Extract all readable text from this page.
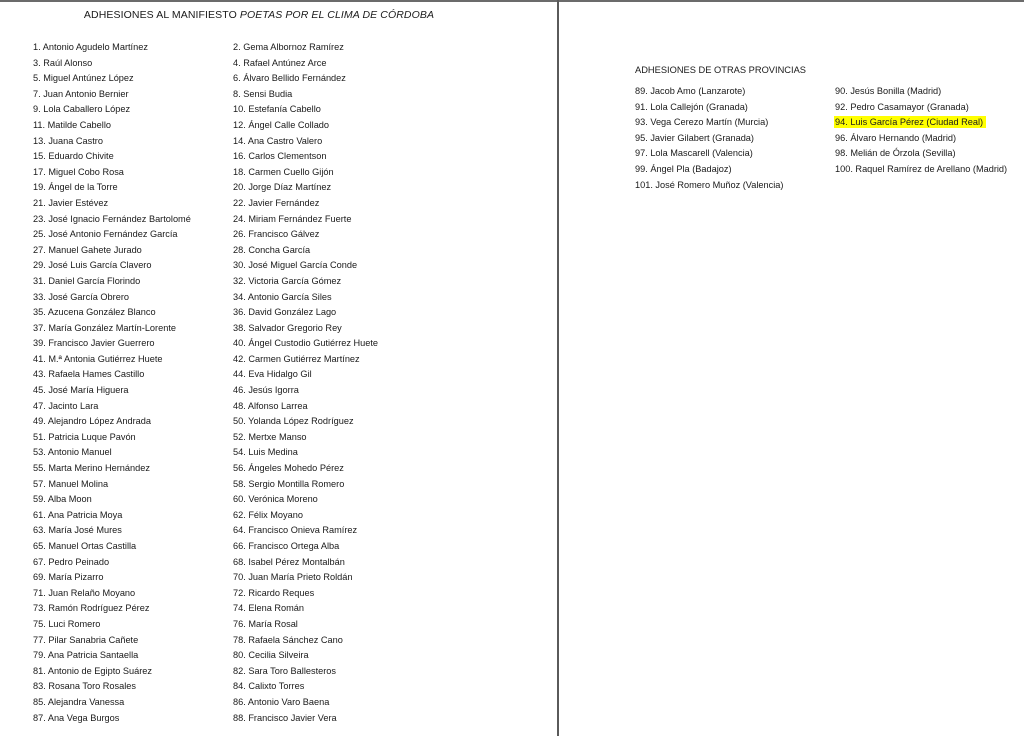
ADHESIONES AL MANIFIESTO POETAS POR EL CLIMA DE CÓRDOBA
1. Antonio Agudelo Martínez
3. Raúl Alonso
5. Miguel Antúnez López
7. Juan Antonio Bernier
9. Lola Caballero López
11. Matilde Cabello
13. Juana Castro
15. Eduardo Chivite
17. Miguel Cobo Rosa
19. Ángel de la Torre
21. Javier Estévez
23. José Ignacio Fernández Bartolomé
25. José Antonio Fernández García
27. Manuel Gahete Jurado
29. José Luis García Clavero
31. Daniel García Florindo
33. José García Obrero
35. Azucena González Blanco
37. María González Martín-Lorente
39. Francisco Javier Guerrero
41. M.ª Antonia Gutiérrez Huete
43. Rafaela Hames Castillo
45. José María Higuera
47. Jacinto Lara
49. Alejandro López Andrada
51. Patricia Luque Pavón
53. Antonio Manuel
55. Marta Merino Hernández
57. Manuel Molina
59. Alba Moon
61. Ana Patricia Moya
63. María José Mures
65. Manuel Ortas Castilla
67. Pedro Peinado
69. María Pizarro
71. Juan Relaño Moyano
73. Ramón Rodríguez Pérez
75. Luci Romero
77. Pilar Sanabria Cañete
79. Ana Patricia Santaella
81. Antonio de Egipto Suárez
83. Rosana Toro Rosales
85. Alejandra Vanessa
87. Ana Vega Burgos
2. Gema Albornoz Ramírez
4. Rafael Antúnez Arce
6. Álvaro Bellido Fernández
8. Sensi Budia
10. Estefanía Cabello
12. Ángel Calle Collado
14. Ana Castro Valero
16. Carlos Clementson
18. Carmen Cuello Gijón
20. Jorge Díaz Martínez
22. Javier Fernández
24. Miriam Fernández Fuerte
26. Francisco Gálvez
28. Concha García
30. José Miguel García Conde
32. Victoria García Gómez
34. Antonio García Siles
36. David González Lago
38. Salvador Gregorio Rey
40. Ángel Custodio Gutiérrez Huete
42. Carmen Gutiérrez Martínez
44. Eva Hidalgo Gil
46. Jesús Igorra
48. Alfonso Larrea
50. Yolanda López Rodríguez
52. Mertxe Manso
54. Luis Medina
56. Ángeles Mohedo Pérez
58. Sergio Montilla Romero
60. Verónica Moreno
62. Félix Moyano
64. Francisco Onieva Ramírez
66. Francisco Ortega Alba
68. Isabel Pérez Montalbán
70. Juan María Prieto Roldán
72. Ricardo Reques
74. Elena Román
76. María Rosal
78. Rafaela Sánchez Cano
80. Cecilia Silveira
82. Sara Toro Ballesteros
84. Calixto Torres
86. Antonio Varo Baena
88. Francisco Javier Vera
ADHESIONES DE OTRAS PROVINCIAS
89. Jacob Amo (Lanzarote)
91. Lola Callejón (Granada)
93. Vega Cerezo Martín (Murcia)
95. Javier Gilabert (Granada)
97. Lola Mascarell (Valencia)
99. Ángel Pla (Badajoz)
101. José Romero Muñoz (Valencia)
90. Jesús Bonilla (Madrid)
92. Pedro Casamayor (Granada)
94. Luis García Pérez (Ciudad Real)
96. Álvaro Hernando (Madrid)
98. Melián de Órzola (Sevilla)
100. Raquel Ramírez de Arellano (Madrid)
